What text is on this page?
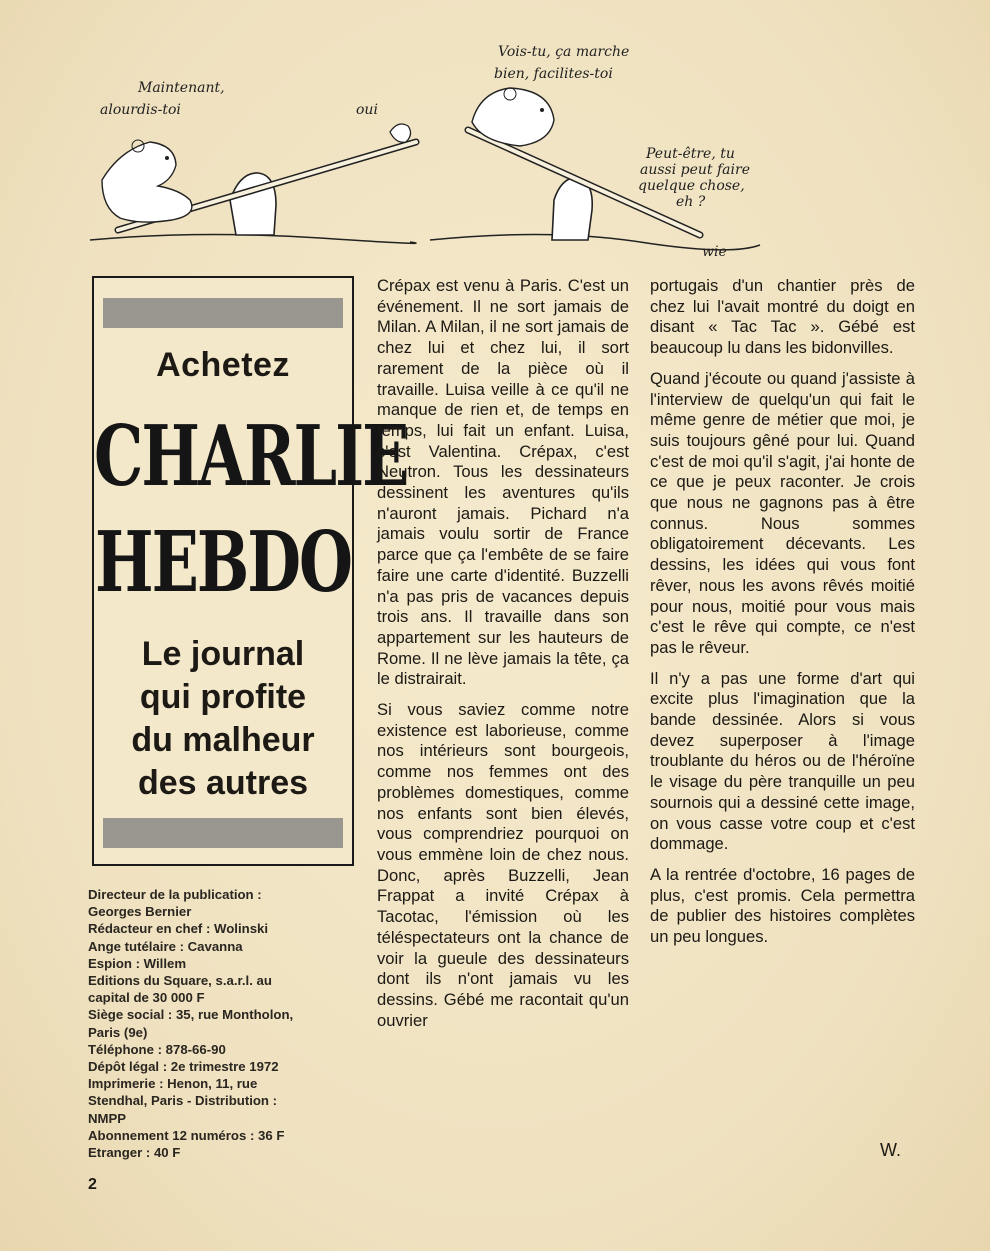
Maintenant,
alourdis-toi	oui
Vois-tu, ça marche
bien, facilites-toi
Peut-être, tu
aussi peut faire
quelque chose,
eh ?
wie
Achetez
CHARLIE
HEBDO
Le journal
qui profite
du malheur
des autres
Directeur de la publication :
Georges Bernier
Rédacteur en chef : Wolinski
Ange tutélaire : Cavanna
Espion : Willem
Editions du Square, s.a.r.l. au
capital de 30 000 F
Siège social : 35, rue Montholon,
Paris (9e)
Téléphone : 878-66-90
Dépôt légal : 2e trimestre 1972
Imprimerie : Henon, 11, rue
Stendhal, Paris - Distribution :
NMPP
Abonnement 12 numéros : 36 F
Etranger : 40 F
2

Crépax est venu à Paris. C'est un événement. Il ne sort jamais de Milan. A Milan, il ne sort jamais de chez lui et chez lui, il sort rarement de la pièce où il travaille. Luisa veille à ce qu'il ne manque de rien et, de temps en temps, lui fait un enfant. Luisa, c'est Valentina. Crépax, c'est Neutron. Tous les dessinateurs dessinent les aventures qu'ils n'auront jamais. Pichard n'a jamais voulu sortir de France parce que ça l'embête de se faire faire une carte d'identité. Buzzelli n'a pas pris de vacances depuis trois ans. Il travaille dans son appartement sur les hauteurs de Rome. Il ne lève jamais la tête, ça le distrairait.

Si vous saviez comme notre existence est laborieuse, comme nos intérieurs sont bourgeois, comme nos femmes ont des problèmes domestiques, comme nos enfants sont bien élevés, vous comprendriez pourquoi on vous emmène loin de chez nous. Donc, après Buzzelli, Jean Frappat a invité Crépax à Tacotac, l'émission où les téléspectateurs ont la chance de voir la gueule des dessinateurs dont ils n'ont jamais vu les dessins. Gébé me racontait qu'un ouvrier

portugais d'un chantier près de chez lui l'avait montré du doigt en disant « Tac Tac ». Gébé est beaucoup lu dans les bidonvilles.

Quand j'écoute ou quand j'assiste à l'interview de quelqu'un qui fait le même genre de métier que moi, je suis toujours gêné pour lui. Quand c'est de moi qu'il s'agit, j'ai honte de ce que je peux raconter. Je crois que nous ne gagnons pas à être connus. Nous sommes obligatoirement décevants. Les dessins, les idées qui vous font rêver, nous les avons rêvés moitié pour nous, moitié pour vous mais c'est le rêve qui compte, ce n'est pas le rêveur.

Il n'y a pas une forme d'art qui excite plus l'imagination que la bande dessinée. Alors si vous devez superposer à l'image troublante du héros ou de l'héroïne le visage du père tranquille un peu sournois qui a dessiné cette image, on vous casse votre coup et c'est dommage.

A la rentrée d'octobre, 16 pages de plus, c'est promis. Cela permettra de publier des histoires complètes un peu longues.

W.
